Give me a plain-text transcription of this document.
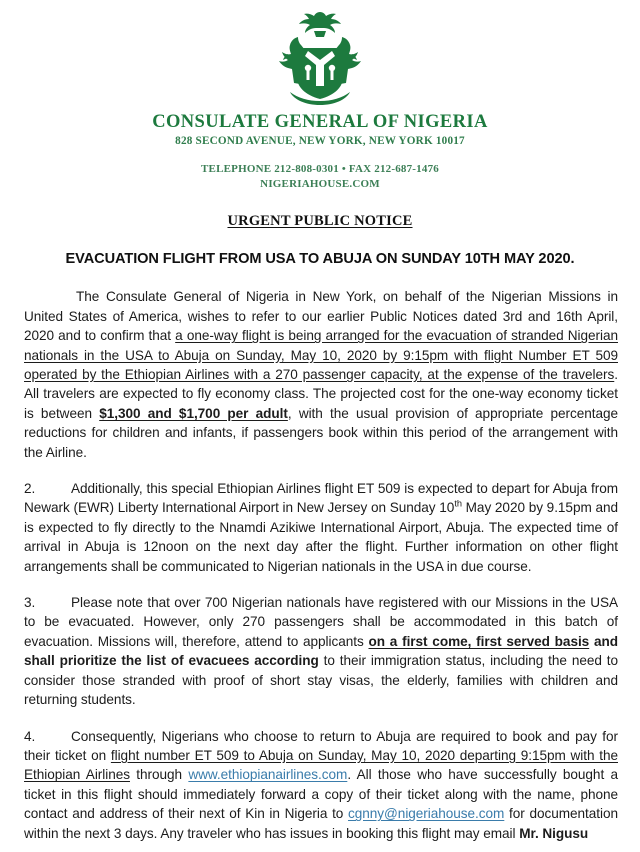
CONSULATE GENERAL OF NIGERIA
828 SECOND AVENUE, NEW YORK, NEW YORK 10017
TELEPHONE 212-808-0301 • FAX 212-687-1476
NIGERIAHOUSE.COM
URGENT PUBLIC NOTICE
EVACUATION FLIGHT FROM USA TO ABUJA ON SUNDAY 10TH MAY 2020.

The Consulate General of Nigeria in New York, on behalf of the Nigerian Missions in United States of America, wishes to refer to our earlier Public Notices dated 3rd and 16th April, 2020 and to confirm that a one-way flight is being arranged for the evacuation of stranded Nigerian nationals in the USA to Abuja on Sunday, May 10, 2020 by 9:15pm with flight Number ET 509 operated by the Ethiopian Airlines with a 270 passenger capacity, at the expense of the travelers. All travelers are expected to fly economy class. The projected cost for the one-way economy ticket is between $1,300 and $1,700 per adult, with the usual provision of appropriate percentage reductions for children and infants, if passengers book within this period of the arrangement with the Airline.

2.	Additionally, this special Ethiopian Airlines flight ET 509 is expected to depart for Abuja from Newark (EWR) Liberty International Airport in New Jersey on Sunday 10th May 2020 by 9.15pm and is expected to fly directly to the Nnamdi Azikiwe International Airport, Abuja. The expected time of arrival in Abuja is 12noon on the next day after the flight. Further information on other flight arrangements shall be communicated to Nigerian nationals in the USA in due course.

3.	Please note that over 700 Nigerian nationals have registered with our Missions in the USA to be evacuated. However, only 270 passengers shall be accommodated in this batch of evacuation. Missions will, therefore, attend to applicants on a first come, first served basis and shall prioritize the list of evacuees according to their immigration status, including the need to consider those stranded with proof of short stay visas, the elderly, families with children and returning students.

4.	Consequently, Nigerians who choose to return to Abuja are required to book and pay for their ticket on flight number ET 509 to Abuja on Sunday, May 10, 2020 departing 9:15pm with the Ethiopian Airlines through www.ethiopianairlines.com. All those who have successfully bought a ticket in this flight should immediately forward a copy of their ticket along with the name, phone contact and address of their next of Kin in Nigeria to cgnny@nigeriahouse.com for documentation within the next 3 days. Any traveler who has issues in booking this flight may email Mr. Nigusu
